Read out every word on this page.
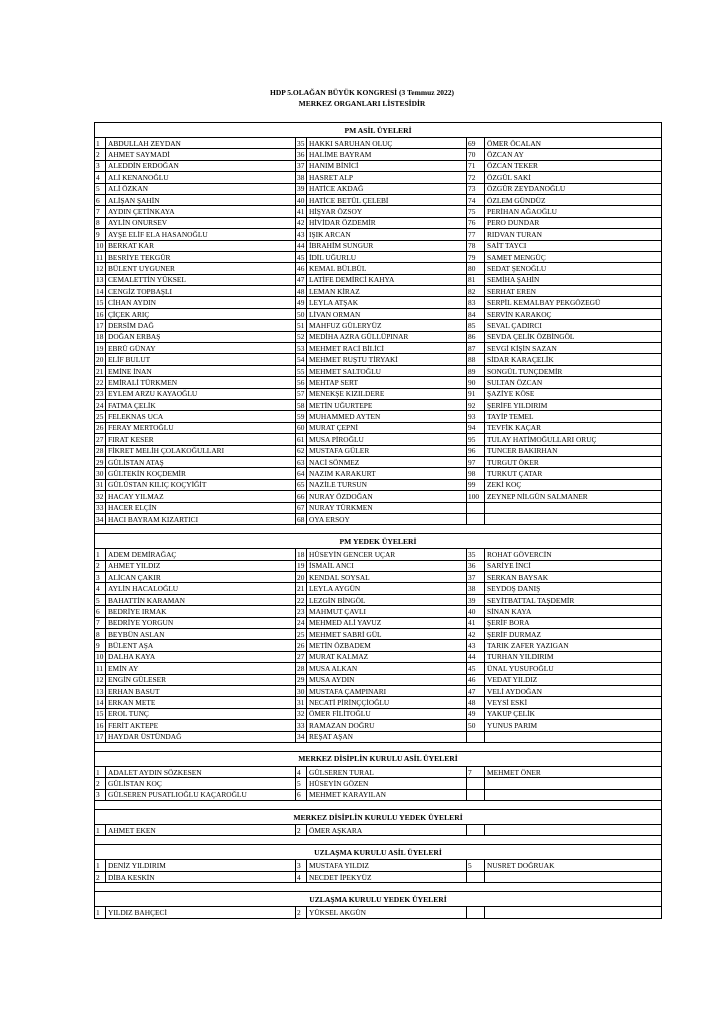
HDP 5.OLAĞAN BÜYÜK KONGRESİ (3 Temmuz 2022)
MERKEZ ORGANLARI LİSTESİDİR
PM ASİL ÜYELERİ					
1	ABDULLAH ZEYDAN	35	HAKKI SARUHAN OLUÇ	69	ÖMER ÖCALAN
2	AHMET SAYMADİ	36	HALİME BAYRAM	70	ÖZCAN AY
3	ALEDDİN ERDOĞAN	37	HANIM BİNİCİ	71	ÖZCAN TEKER
4	ALİ KENANOĞLU	38	HASRET ALP	72	ÖZGÜL SAKİ
5	ALİ ÖZKAN	39	HATİCE AKDAĞ	73	ÖZGÜR ZEYDANOĞLU
6	ALİŞAN ŞAHİN	40	HATİCE BETÜL ÇELEBİ	74	ÖZLEM GÜNDÜZ
7	AYDIN ÇETİNKAYA	41	HİŞYAR ÖZSOY	75	PERİHAN AĞAOĞLU
8	AYLİN ONURSEV	42	HİVİDAR ÖZDEMİR	76	PERO DUNDAR
9	AYŞE ELİF ELA HASANOĞLU	43	IŞIK ARCAN	77	RIDVAN TURAN
10	BERKAT KAR	44	İBRAHİM SUNGUR	78	SAİT TAYCI
11	BESRİYE TEKGÜR	45	İDİL UĞURLU	79	SAMET MENGÜÇ
12	BÜLENT UYGUNER	46	KEMAL BÜLBÜL	80	SEDAT ŞENOĞLU
13	CEMALETTİN YÜKSEL	47	LATİFE DEMİRCİ KAHYA	81	SEMİHA ŞAHİN
14	CENGİZ TOPBAŞLI	48	LEMAN KİRAZ	82	SERHAT EREN
15	CİHAN AYDIN	49	LEYLA ATŞAK	83	SERPİL KEMALBAY PEKGÖZEGÜ
16	ÇİÇEK ARIÇ	50	LİVAN ORMAN	84	SERVİN KARAKOÇ
17	DERSİM DAĞ	51	MAHFUZ GÜLERYÜZ	85	SEVAL ÇADIRCI
18	DOĞAN ERBAŞ	52	MEDİHA AZRA GÜLLÜPINAR	86	SEVDA ÇELİK ÖZBİNGÖL
19	EBRÜ GÜNAY	53	MEHMET RACİ BİLİCİ	87	SEVGİ KİŞİN SAZAN
20	ELİF BULUT	54	MEHMET RUŞTU TİRYAKİ	88	SİDAR KARAÇELİK
21	EMİNE İNAN	55	MEHMET SALTOĞLU	89	SONGÜL TUNÇDEMİR
22	EMİRALİ TÜRKMEN	56	MEHTAP SERT	90	SULTAN ÖZCAN
23	EYLEM ARZU KAYAOĞLU	57	MENEKŞE KIZILDERE	91	ŞAZİYE KÖSE
24	FATMA ÇELİK	58	METİN UĞURTEPE	92	ŞERİFE YILDIRIM
25	FELEKNAS UCA	59	MUHAMMED AYTEN	93	TAYİP TEMEL
26	FERAY MERTOĞLU	60	MURAT ÇEPNİ	94	TEVFİK KAÇAR
27	FIRAT KESER	61	MUSA PİROĞLU	95	TULAY HATİMOĞULLARI ORUÇ
28	FİKRET MELİH ÇOLAKOĞULLARI	62	MUSTAFA GÜLER	96	TUNCER BAKIRHAN
29	GÜLİSTAN ATAŞ	63	NACİ SÖNMEZ	97	TURGUT ÖKER
30	GÜLTEKİN KOÇDEMİR	64	NAZIM KARAKURT	98	TURKUT ÇATAR
31	GÜLÜSTAN KILIÇ KOÇYİĞİT	65	NAZİLE TURSUN	99	ZEKİ KOÇ
32	HACAY YILMAZ	66	NURAY ÖZDOĞAN	100	ZEYNEP NİLGÜN SALMANER
33	HACER ELÇİN	67	NURAY TÜRKMEN		
34	HACI BAYRAM KIZARTICI	68	OYA ERSOY		

PM YEDEK ÜYELERİ					
1	ADEM DEMİRAĞAÇ	18	HÜSEYİN GENCER UÇAR	35	ROHAT GÖVERCİN
2	AHMET YILDIZ	19	İSMAİL ANCI	36	SARİYE İNCİ
3	ALİCAN ÇAKIR	20	KENDAL SOYSAL	37	SERKAN BAYSAK
4	AYLİN HACALOĞLU	21	LEYLA AYGÜN	38	SEYDOŞ DANIŞ
5	BAHATTİN KARAMAN	22	LEZGİN BİNGÖL	39	SEYİTBATTAL TAŞDEMİR
6	BEDRİYE IRMAK	23	MAHMUT ÇAVLI	40	SİNAN KAYA
7	BEDRİYE YORGUN	24	MEHMED ALİ YAVUZ	41	ŞERİF BORA
8	BEYBÜN ASLAN	25	MEHMET SABRİ GÜL	42	ŞERİF DURMAZ
9	BÜLENT AŞA	26	METİN ÖZBADEM	43	TARIK ZAFER YAZIGAN
10	DALHA KAYA	27	MURAT KALMAZ	44	TURHAN YILDIRIM
11	EMİN AY	28	MUSA ALKAN	45	ÜNAL YUSUFOĞLU
12	ENGİN GÜLESER	29	MUSA AYDIN	46	VEDAT YILDIZ
13	ERHAN BASUT	30	MUSTAFA ÇAMPINARI	47	VELİ AYDOĞAN
14	ERKAN METE	31	NECATİ PİRİNÇÇİOĞLU	48	VEYSİ ESKİ
15	EROL TUNÇ	32	ÖMER FİLİTOĞLU	49	YAKUP ÇELİK
16	FERİT AKTEPE	33	RAMAZAN DOĞRU	50	YUNUS PARIM
17	HAYDAR ÜSTÜNDAĞ	34	REŞAT AŞAN		

MERKEZ DİSİPLİN KURULU ASİL ÜYELERİ					
1	ADALET AYDIN SÖZKESEN	4	GÜLSEREN TURAL	7	MEHMET ÖNER
2	GÜLİSTAN KOÇ	5	HÜSEYİN GÖZEN		
3	GÜLSEREN PUSATLIOĞLU KAÇAROĞLU	6	MEHMET KARAYILAN		

MERKEZ DİSİPLİN KURULU YEDEK ÜYELERİ					
1	AHMET EKEN	2	ÖMER AŞKARA		

UZLAŞMA KURULU ASİL ÜYELERİ					
1	DENİZ YILDIRIM	3	MUSTAFA YILDIZ	5	NUSRET DOĞRUAK
2	DİBA KESKİN	4	NECDET İPEKYÜZ		

UZLAŞMA KURULU YEDEK ÜYELERİ					
1	YILDIZ BAHÇECİ	2	YÜKSEL AKGÜN		
